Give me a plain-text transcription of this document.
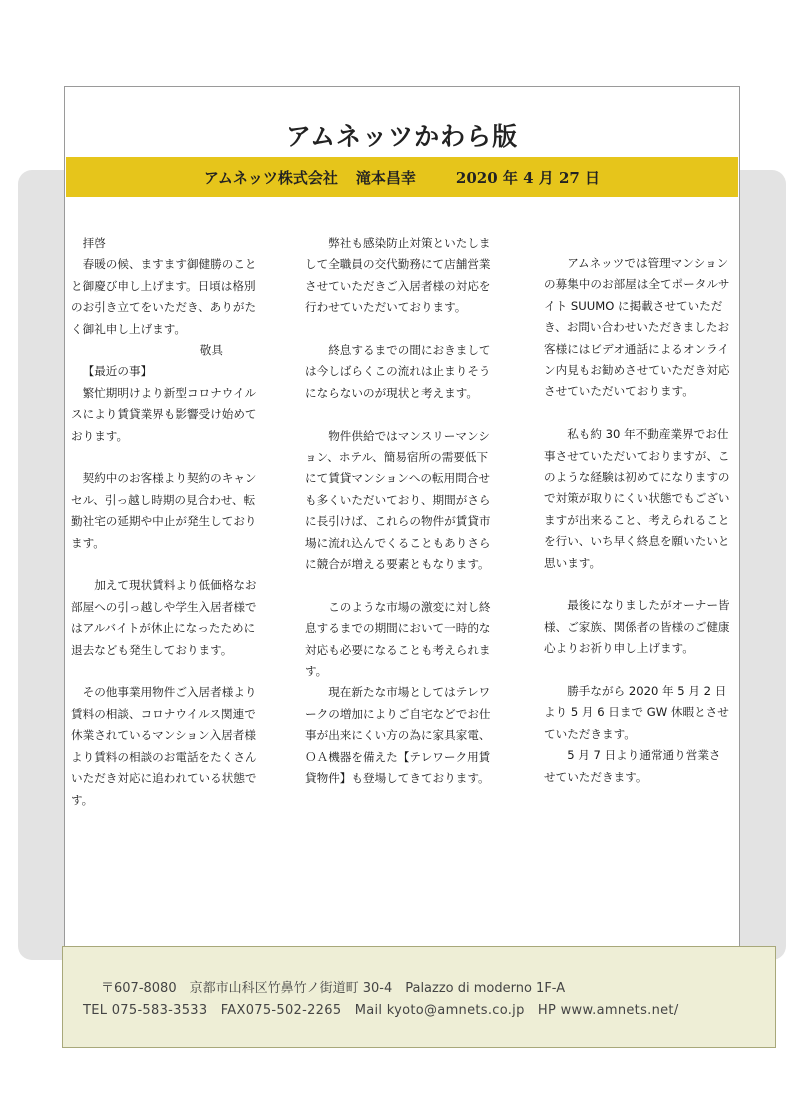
アムネッツかわら版
アムネッツ株式会社 滝本昌幸	2020 年 4 月 27 日

拝啓

春暖の候、ますます御健勝のことと御慶び申し上げます。日頃は格別のお引き立てをいただき、ありがたく御礼申し上げます。

敬具

【最近の事】

繁忙期明けより新型コロナウイルスにより賃貸業界も影響受け始めております。

契約中のお客様より契約のキャンセル、引っ越し時期の見合わせ、転勤社宅の延期や中止が発生しております。

加えて現状賃料より低価格なお部屋への引っ越しや学生入居者様ではアルバイトが休止になったために退去なども発生しております。

その他事業用物件ご入居者様より賃料の相談、コロナウイルス関連で休業されているマンション入居者様より賃料の相談のお電話をたくさんいただき対応に追われている状態です。

弊社も感染防止対策といたしまして全職員の交代勤務にて店舗営業させていただきご入居者様の対応を行わせていただいております。

終息するまでの間におきましては今しばらくこの流れは止まりそうにならないのが現状と考えます。

物件供給ではマンスリーマンション、ホテル、簡易宿所の需要低下にて賃貸マンションへの転用問合せも多くいただいており、期間がさらに長引けば、これらの物件が賃貸市場に流れ込んでくることもありさらに競合が増える要素ともなります。

このような市場の激変に対し終息するまでの期間において一時的な対応も必要になることも考えられます。

現在新たな市場としてはテレワークの増加によりご自宅などでお仕事が出来にくい方の為に家具家電、ＯＡ機器を備えた【テレワーク用賃貸物件】も登場してきております。

アムネッツでは管理マンションの募集中のお部屋は全てポータルサイト SUUMO に掲載させていただき、お問い合わせいただきましたお客様にはビデオ通話によるオンライン内見もお勧めさせていただき対応させていただいております。

私も約 30 年不動産業界でお仕事させていただいておりますが、このような経験は初めてになりますので対策が取りにくい状態でもございますが出来ること、考えられることを行い、いち早く終息を願いたいと思います。

最後になりましたがオーナー皆様、ご家族、関係者の皆様のご健康心よりお祈り申し上げます。

勝手ながら 2020 年 5 月 2 日より 5 月 6 日まで GW 休暇とさせていただきます。

5 月 7 日より通常通り営業させていただきます。

〒607-8080　京都市山科区竹鼻竹ノ街道町 30-4　Palazzo di moderno 1F-A
TEL 075-583-3533　FAX075-502-2265　Mail kyoto@amnets.co.jp　HP www.amnets.net/
